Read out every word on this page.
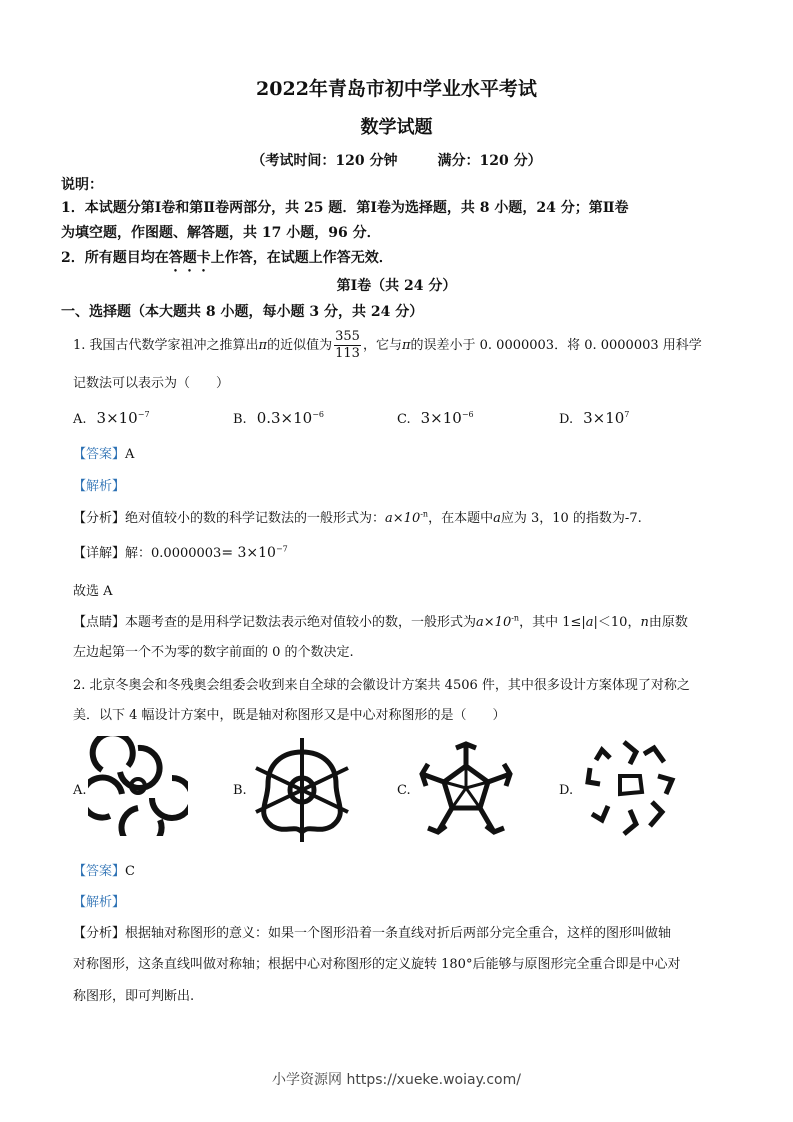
2022年青岛市初中学业水平考试
数学试题
（考试时间：120 分钟	满分：120 分）
说明：
1．本试题分第Ⅰ卷和第Ⅱ卷两部分，共 25 题．第Ⅰ卷为选择题，共 8 小题，24 分；第Ⅱ卷
为填空题，作图题、解答题，共 17 小题，96 分．
2．所有题目均在答题卡上作答，在试题上作答无效．
第Ⅰ卷（共 24 分）
一、选择题（本大题共 8 小题，每小题 3 分，共 24 分）
1. 我国古代数学家祖冲之推算出π的近似值为 $\frac{355}{113}$ ，它与π的误差小于 0. 0000003．将 0. 0000003 用科学
记数法可以表示为（　　）
A. $3\times 10^{-7}$	B. $0.3\times 10^{-6}$	C. $3\times 10^{-6}$	D. $3\times 10^7$
【答案】A
【解析】
【分析】绝对值较小的数的科学记数法的一般形式为：$a\times 10^{-n}$，在本题中a应为 3，10 的指数为-7.
【详解】解：$0.0000003= 3\times 10^{-7}$
故选 A
【点睛】本题考查的是用科学记数法表示绝对值较小的数，一般形式为$a\times 10^{-n}$，其中 1≤|a|＜10，n由原数
左边起第一个不为零的数字前面的 0 的个数决定.
2. 北京冬奥会和冬残奥会组委会收到来自全球的会徽设计方案共 4506 件，其中很多设计方案体现了对称之
美．以下 4 幅设计方案中，既是轴对称图形又是中心对称图形的是（　　）
A.	B.	C.	D.
【答案】C
【解析】
【分析】根据轴对称图形的意义：如果一个图形沿着一条直线对折后两部分完全重合，这样的图形叫做轴
对称图形，这条直线叫做对称轴；根据中心对称图形的定义旋转 180°后能够与原图形完全重合即是中心对
称图形，即可判断出.
小学资源网 https://xueke.woiay.com/
